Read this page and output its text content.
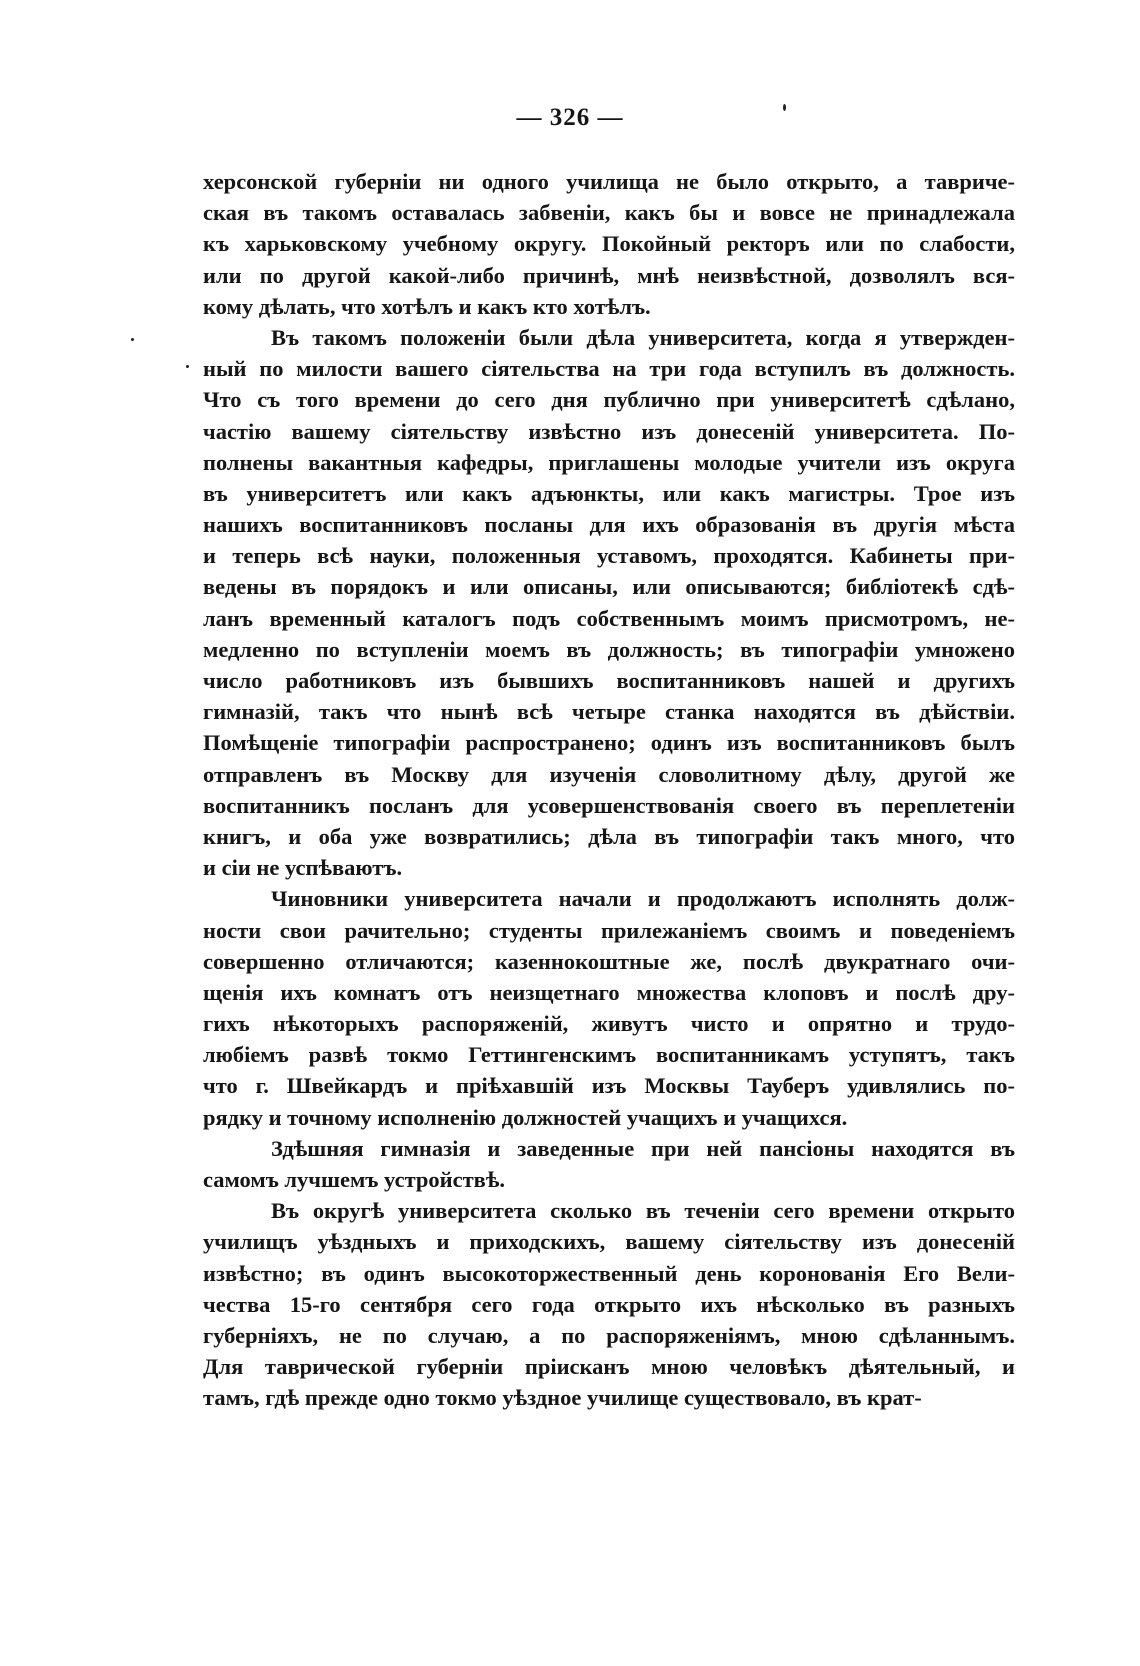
— 326 —
херсонской губерніи ни одного училища не было открыто, а тавриче-
ская въ такомъ оставалась забвеніи, какъ бы и вовсе не принадлежала
къ харьковскому учебному округу. Покойный ректоръ или по слабости,
или по другой какой-либо причинѣ, мнѣ неизвѣстной, дозволялъ вся-
кому дѣлать, что хотѣлъ и какъ кто хотѣлъ.
Въ такомъ положеніи были дѣла университета, когда я утвержден-
ный по милости вашего сіятельства на три года вступилъ въ должность.
Что съ того времени до сего дня публично при университетѣ сдѣлано,
частію вашему сіятельству извѣстно изъ донесеній университета. По-
полнены вакантныя кафедры, приглашены молодые учители изъ округа
въ университетъ или какъ адъюнкты, или какъ магистры. Трое изъ
нашихъ воспитанниковъ посланы для ихъ образованія въ другія мѣста
и теперь всѣ науки, положенныя уставомъ, проходятся. Кабинеты при-
ведены въ порядокъ и или описаны, или описываются; библіотекѣ сдѣ-
ланъ временный каталогъ подъ собственнымъ моимъ присмотромъ, не-
медленно по вступленіи моемъ въ должность; въ типографіи умножено
число работниковъ изъ бывшихъ воспитанниковъ нашей и другихъ
гимназій, такъ что нынѣ всѣ четыре станка находятся въ дѣйствіи.
Помѣщеніе типографіи распространено; одинъ изъ воспитанниковъ былъ
отправленъ въ Москву для изученія словолитному дѣлу, другой же
воспитанникъ посланъ для усовершенствованія своего въ переплетеніи
книгъ, и оба уже возвратились; дѣла въ типографіи такъ много, что
и сіи не успѣваютъ.
Чиновники университета начали и продолжаютъ исполнять долж-
ности свои рачительно; студенты прилежаніемъ своимъ и поведеніемъ
совершенно отличаются; казеннокоштные же, послѣ двукратнаго очи-
щенія ихъ комнатъ отъ неизщетнаго множества клоповъ и послѣ дру-
гихъ нѣкоторыхъ распоряженій, живутъ чисто и опрятно и трудо-
любіемъ развѣ токмо Геттингенскимъ воспитанникамъ уступятъ, такъ
что г. Швейкардъ и пріѣхавшій изъ Москвы Тауберъ удивлялись по-
рядку и точному исполненію должностей учащихъ и учащихся.
Здѣшняя гимназія и заведенные при ней пансіоны находятся въ
самомъ лучшемъ устройствѣ.
Въ округѣ университета сколько въ теченіи сего времени открыто
училищъ уѣздныхъ и приходскихъ, вашему сіятельству изъ донесеній
извѣстно; въ одинъ высокоторжественный день коронованія Его Вели-
чества 15-го сентября сего года открыто ихъ нѣсколько въ разныхъ
губерніяхъ, не по случаю, а по распоряженіямъ, мною сдѣланнымъ.
Для таврической губерніи прiисканъ мною человѣкъ дѣятельный, и
тамъ, гдѣ прежде одно токмо уѣздное училище существовало, въ крат-
